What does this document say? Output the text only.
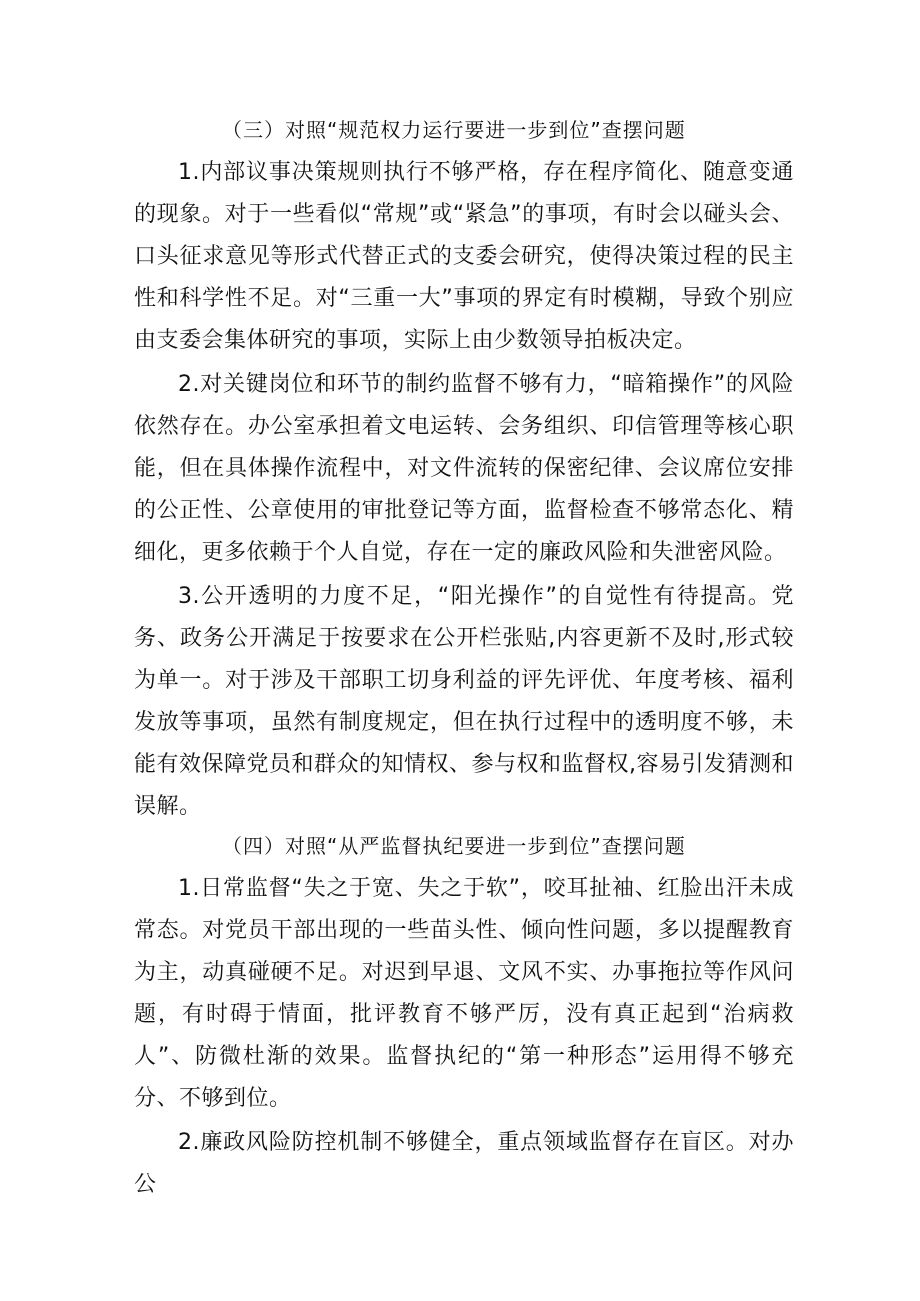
（三）对照“规范权力运行要进一步到位”查摆问题

1.内部议事决策规则执行不够严格，存在程序简化、随意变通的现象。对于一些看似“常规”或“紧急”的事项，有时会以碰头会、口头征求意见等形式代替正式的支委会研究，使得决策过程的民主性和科学性不足。对“三重一大”事项的界定有时模糊，导致个别应由支委会集体研究的事项，实际上由少数领导拍板决定。

2.对关键岗位和环节的制约监督不够有力，“暗箱操作”的风险依然存在。办公室承担着文电运转、会务组织、印信管理等核心职能，但在具体操作流程中，对文件流转的保密纪律、会议席位安排的公正性、公章使用的审批登记等方面，监督检查不够常态化、精细化，更多依赖于个人自觉，存在一定的廉政风险和失泄密风险。

3.公开透明的力度不足，“阳光操作”的自觉性有待提高。党务、政务公开满足于按要求在公开栏张贴,内容更新不及时,形式较为单一。对于涉及干部职工切身利益的评先评优、年度考核、福利发放等事项，虽然有制度规定，但在执行过程中的透明度不够，未能有效保障党员和群众的知情权、参与权和监督权,容易引发猜测和误解。

（四）对照“从严监督执纪要进一步到位”查摆问题

1.日常监督“失之于宽、失之于软”，咬耳扯袖、红脸出汗未成常态。对党员干部出现的一些苗头性、倾向性问题，多以提醒教育为主，动真碰硬不足。对迟到早退、文风不实、办事拖拉等作风问题，有时碍于情面，批评教育不够严厉，没有真正起到“治病救人”、防微杜渐的效果。监督执纪的“第一种形态”运用得不够充分、不够到位。

2.廉政风险防控机制不够健全，重点领域监督存在盲区。对办公
